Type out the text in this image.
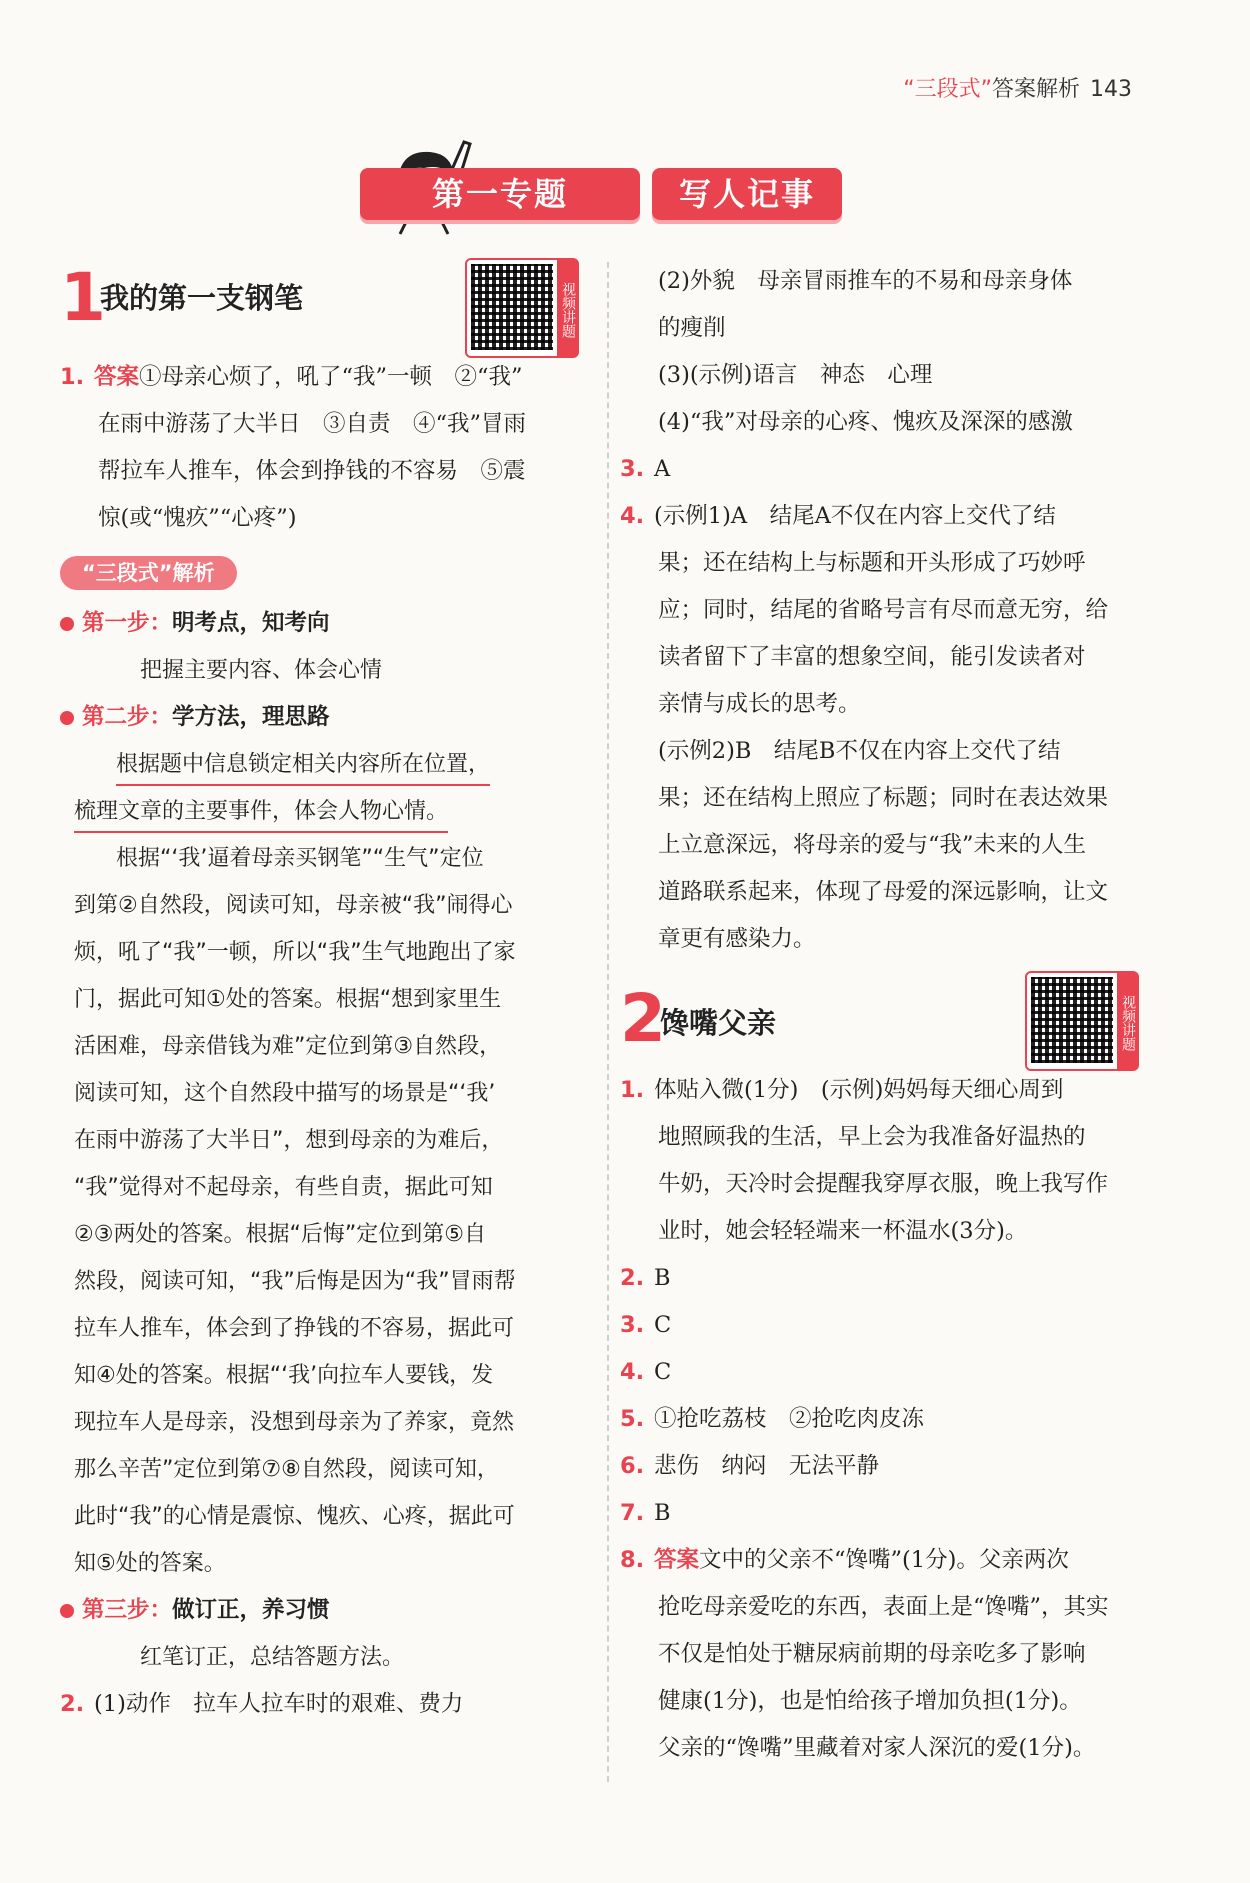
“三段式”答案解析 143
第一专题	写人记事
1
我的第一支钢笔	视频讲题
1. 答案①母亲心烦了，吼了“我”一顿　②“我”
在雨中游荡了大半日　③自责　④“我”冒雨
帮拉车人推车，体会到挣钱的不容易　⑤震
惊(或“愧疚”“心疼”)
“三段式”解析
第一步：明考点，知考向
把握主要内容、体会心情
第二步：学方法，理思路
根据题中信息锁定相关内容所在位置，
梳理文章的主要事件，体会人物心情。
根据“‘我’逼着母亲买钢笔”“生气”定位
到第②自然段，阅读可知，母亲被“我”闹得心
烦，吼了“我”一顿，所以“我”生气地跑出了家
门，据此可知①处的答案。根据“想到家里生
活困难，母亲借钱为难”定位到第③自然段，
阅读可知，这个自然段中描写的场景是“‘我’
在雨中游荡了大半日”，想到母亲的为难后，
“我”觉得对不起母亲，有些自责，据此可知
②③两处的答案。根据“后悔”定位到第⑤自
然段，阅读可知，“我”后悔是因为“我”冒雨帮
拉车人推车，体会到了挣钱的不容易，据此可
知④处的答案。根据“‘我’向拉车人要钱，发
现拉车人是母亲，没想到母亲为了养家，竟然
那么辛苦”定位到第⑦⑧自然段，阅读可知，
此时“我”的心情是震惊、愧疚、心疼，据此可
知⑤处的答案。
第三步：做订正，养习惯
红笔订正，总结答题方法。
2. (1)动作　拉车人拉车时的艰难、费力
(2)外貌　母亲冒雨推车的不易和母亲身体
的瘦削
(3)(示例)语言　神态　心理
(4)“我”对母亲的心疼、愧疚及深深的感激
3. A
4. (示例1)A　结尾A不仅在内容上交代了结
果；还在结构上与标题和开头形成了巧妙呼
应；同时，结尾的省略号言有尽而意无穷，给
读者留下了丰富的想象空间，能引发读者对
亲情与成长的思考。
(示例2)B　结尾B不仅在内容上交代了结
果；还在结构上照应了标题；同时在表达效果
上立意深远，将母亲的爱与“我”未来的人生
道路联系起来，体现了母爱的深远影响，让文
章更有感染力。
2
馋嘴父亲	视频讲题
1. 体贴入微(1分)　(示例)妈妈每天细心周到
地照顾我的生活，早上会为我准备好温热的
牛奶，天冷时会提醒我穿厚衣服，晚上我写作
业时，她会轻轻端来一杯温水(3分)。
2. B
3. C
4. C
5. ①抢吃荔枝　②抢吃肉皮冻
6. 悲伤　纳闷　无法平静
7. B
8. 答案文中的父亲不“馋嘴”(1分)。父亲两次
抢吃母亲爱吃的东西，表面上是“馋嘴”，其实
不仅是怕处于糖尿病前期的母亲吃多了影响
健康(1分)，也是怕给孩子增加负担(1分)。
父亲的“馋嘴”里藏着对家人深沉的爱(1分)。
